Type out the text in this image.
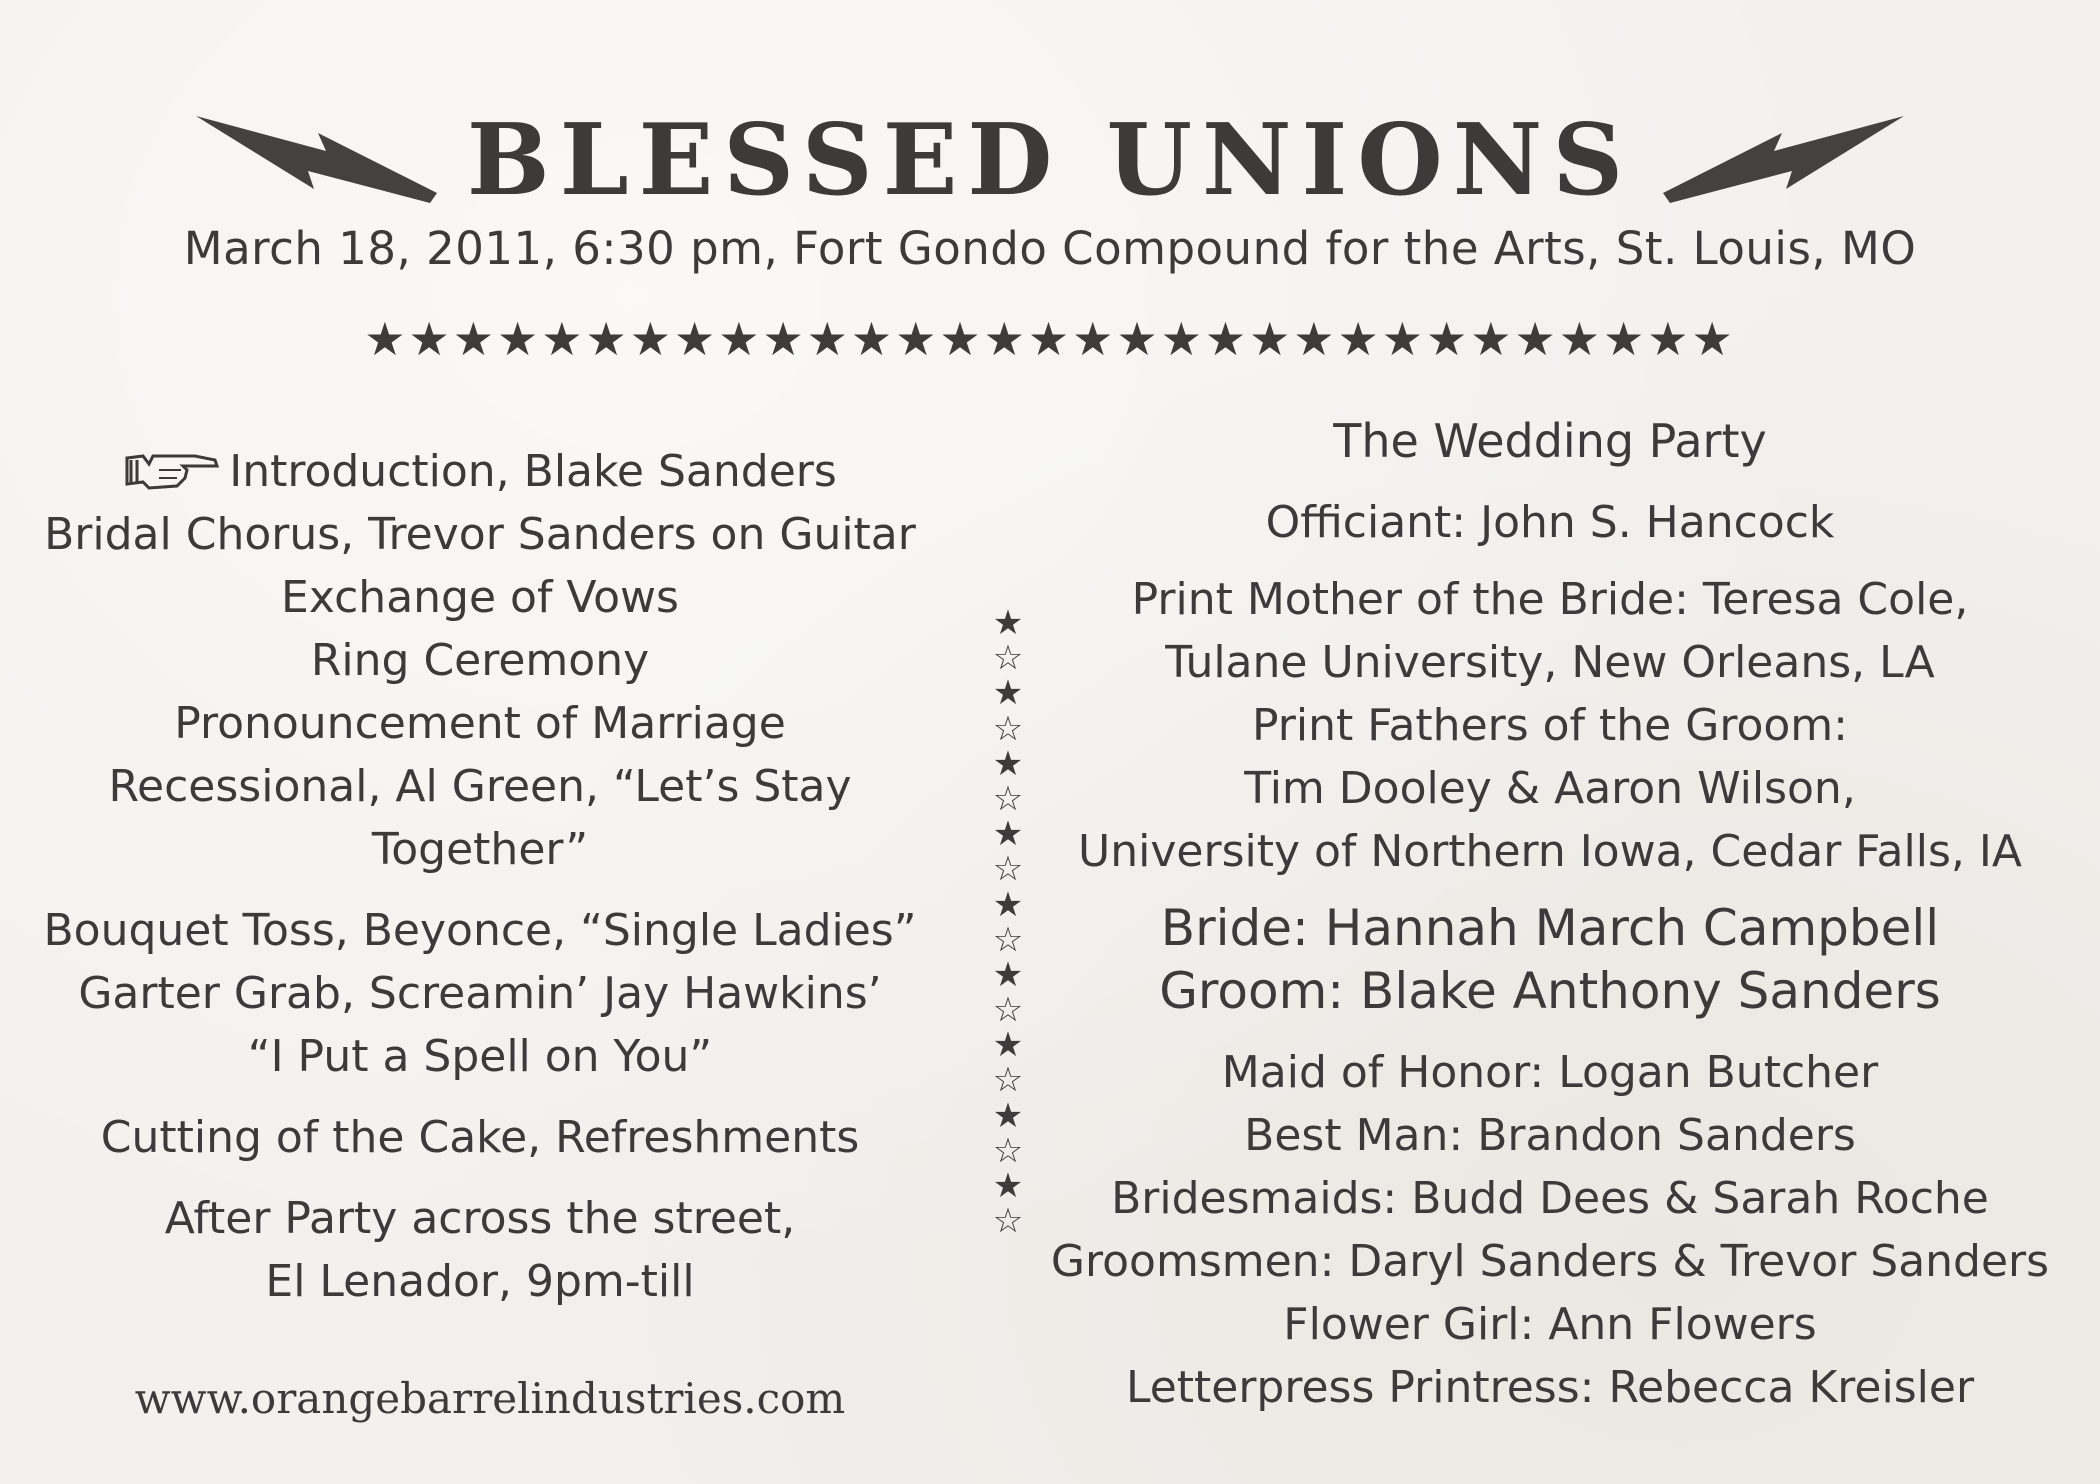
BLESSED UNIONS
March 18, 2011, 6:30 pm, Fort Gondo Compound for the Arts, St. Louis, MO
★★★★★★★★★★★★★★★★★★★★★★★★★★★★★★★
Introduction, Blake Sanders
Bridal Chorus, Trevor Sanders on Guitar
Exchange of Vows
Ring Ceremony
Pronouncement of Marriage
Recessional, Al Green, “Let’s Stay
Together”
Bouquet Toss, Beyonce, “Single Ladies”
Garter Grab, Screamin’ Jay Hawkins’
“I Put a Spell on You”
Cutting of the Cake, Refreshments
After Party across the street,
El Lenador, 9pm-till
www.orangebarrelindustries.com
★
☆
★
☆
★
☆
★
☆
★
☆
★
☆
★
☆
★
☆
★
☆
The Wedding Party
Officiant: John S. Hancock
Print Mother of the Bride: Teresa Cole,
Tulane University, New Orleans, LA
Print Fathers of the Groom:
Tim Dooley & Aaron Wilson,
University of Northern Iowa, Cedar Falls, IA
Bride: Hannah March Campbell
Groom: Blake Anthony Sanders
Maid of Honor: Logan Butcher
Best Man: Brandon Sanders
Bridesmaids: Budd Dees & Sarah Roche
Groomsmen: Daryl Sanders & Trevor Sanders
Flower Girl: Ann Flowers
Letterpress Printress: Rebecca Kreisler
